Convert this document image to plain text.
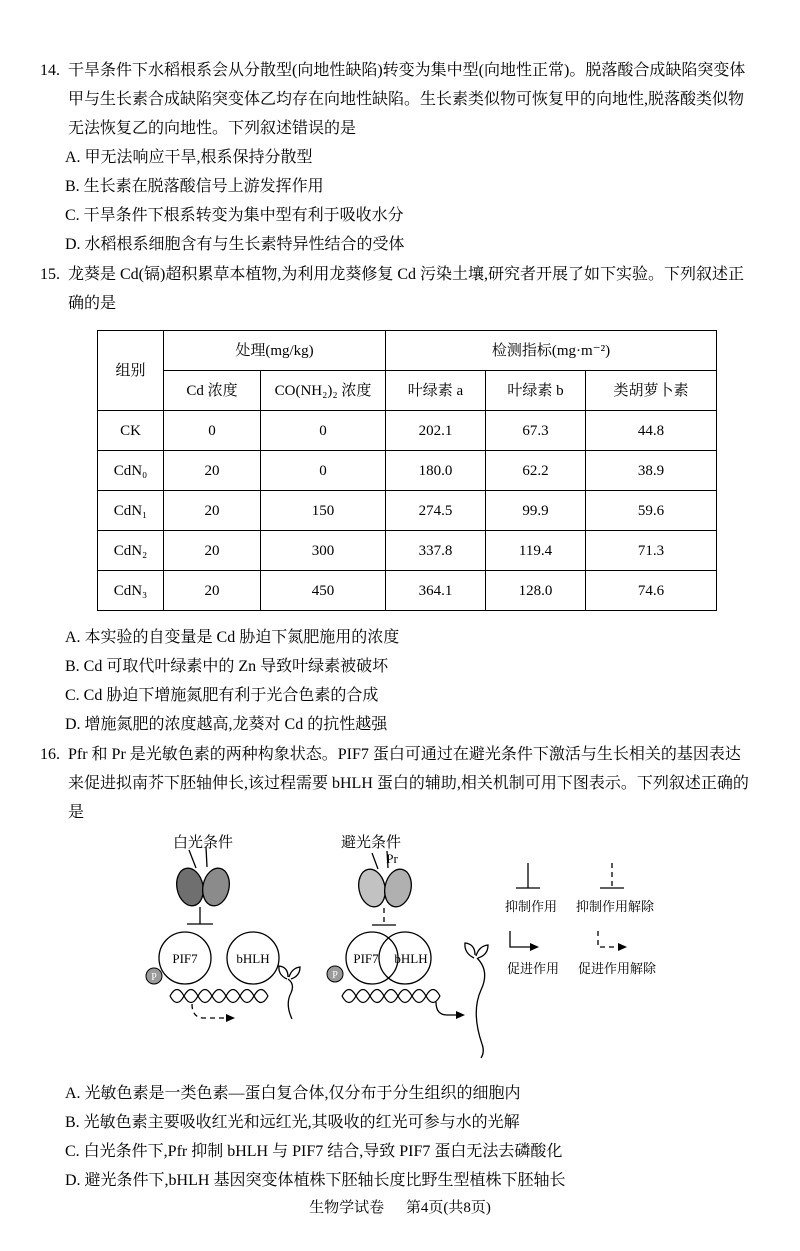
14. 干旱条件下水稻根系会从分散型(向地性缺陷)转变为集中型(向地性正常)。脱落酸合成缺陷突变体甲与生长素合成缺陷突变体乙均存在向地性缺陷。生长素类似物可恢复甲的向地性,脱落酸类似物无法恢复乙的向地性。下列叙述错误的是
A. 甲无法响应干旱,根系保持分散型
B. 生长素在脱落酸信号上游发挥作用
C. 干旱条件下根系转变为集中型有利于吸收水分
D. 水稻根系细胞含有与生长素特异性结合的受体
15. 龙葵是 Cd(镉)超积累草本植物,为利用龙葵修复 Cd 污染土壤,研究者开展了如下实验。下列叙述正确的是
组别	处理(mg/kg)		检测指标(mg·m⁻²)		
	Cd 浓度	CO(NH₂)₂ 浓度	叶绿素 a	叶绿素 b	类胡萝卜素
CK	0	0	202.1	67.3	44.8
CdN₀	20	0	180.0	62.2	38.9
CdN₁	20	150	274.5	99.9	59.6
CdN₂	20	300	337.8	119.4	71.3
CdN₃	20	450	364.1	128.0	74.6
A. 本实验的自变量是 Cd 胁迫下氮肥施用的浓度
B. Cd 可取代叶绿素中的 Zn 导致叶绿素被破坏
C. Cd 胁迫下增施氮肥有利于光合色素的合成
D. 增施氮肥的浓度越高,龙葵对 Cd 的抗性越强
16. Pfr 和 Pr 是光敏色素的两种构象状态。PIF7 蛋白可通过在避光条件下激活与生长相关的基因表达来促进拟南芥下胚轴伸长,该过程需要 bHLH 蛋白的辅助,相关机制可用下图表示。下列叙述正确的是
白光条件
PIF7	bHLH
P
避光条件
Pr
PIF7 bHLH
P
抑制作用 抑制作用解除
促进作用 促进作用解除
A. 光敏色素是一类色素—蛋白复合体,仅分布于分生组织的细胞内
B. 光敏色素主要吸收红光和远红光,其吸收的红光可参与水的光解
C. 白光条件下,Pfr 抑制 bHLH 与 PIF7 结合,导致 PIF7 蛋白无法去磷酸化
D. 避光条件下,bHLH 基因突变体植株下胚轴长度比野生型植株下胚轴长
生物学试卷 第4页(共8页)
